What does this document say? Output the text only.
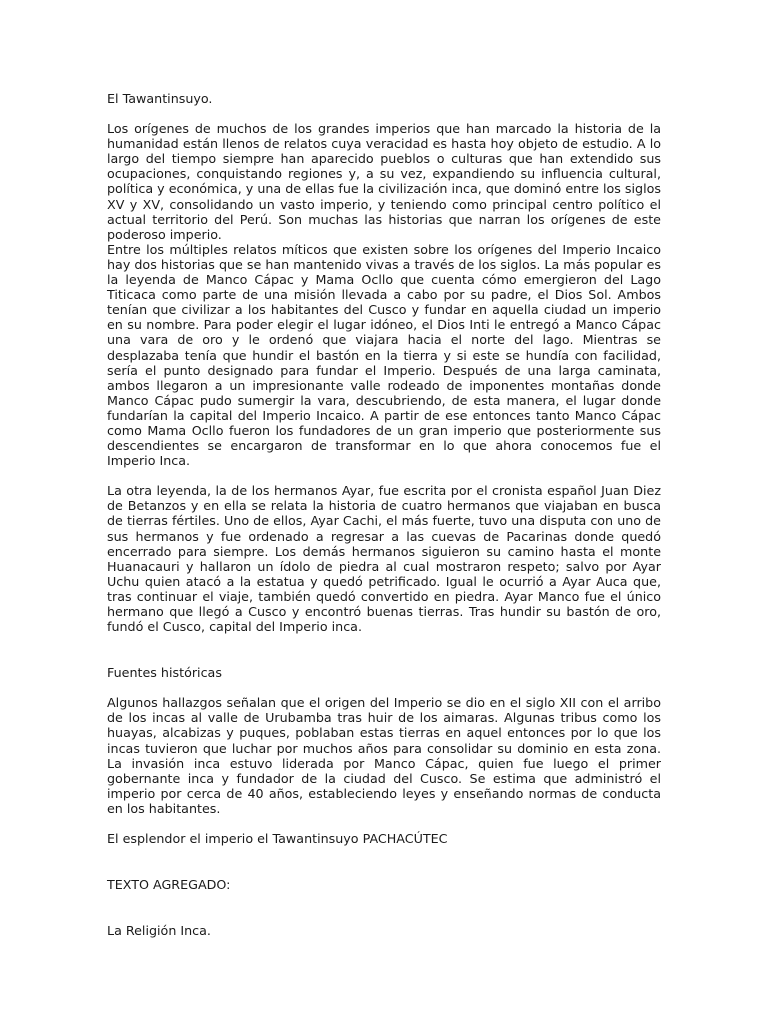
El Tawantinsuyo.

Los orígenes de muchos de los grandes imperios que han marcado la historia de la humanidad están llenos de relatos cuya veracidad es hasta hoy objeto de estudio. A lo largo del tiempo siempre han aparecido pueblos o culturas que han extendido sus ocupaciones, conquistando regiones y, a su vez, expandiendo su influencia cultural, política y económica, y una de ellas fue la civilización inca, que dominó entre los siglos XV y XV, consolidando un vasto imperio, y teniendo como principal centro político el actual territorio del Perú. Son muchas las historias que narran los orígenes de este poderoso imperio.

Entre los múltiples relatos míticos que existen sobre los orígenes del Imperio Incaico hay dos historias que se han mantenido vivas a través de los siglos. La más popular es la leyenda de Manco Cápac y Mama Ocllo que cuenta cómo emergieron del Lago Titicaca como parte de una misión llevada a cabo por su padre, el Dios Sol. Ambos tenían que civilizar a los habitantes del Cusco y fundar en aquella ciudad un imperio en su nombre. Para poder elegir el lugar idóneo, el Dios Inti le entregó a Manco Cápac una vara de oro y le ordenó que viajara hacia el norte del lago. Mientras se desplazaba tenía que hundir el bastón en la tierra y si este se hundía con facilidad, sería el punto designado para fundar el Imperio. Después de una larga caminata, ambos llegaron a un impresionante valle rodeado de imponentes montañas donde Manco Cápac pudo sumergir la vara, descubriendo, de esta manera, el lugar donde fundarían la capital del Imperio Incaico. A partir de ese entonces tanto Manco Cápac como Mama Ocllo fueron los fundadores de un gran imperio que posteriormente sus descendientes se encargaron de transformar en lo que ahora conocemos fue el Imperio Inca.

La otra leyenda, la de los hermanos Ayar, fue escrita por el cronista español Juan Diez de Betanzos y en ella se relata la historia de cuatro hermanos que viajaban en busca de tierras fértiles. Uno de ellos, Ayar Cachi, el más fuerte, tuvo una disputa con uno de sus hermanos y fue ordenado a regresar a las cuevas de Pacarinas donde quedó encerrado para siempre. Los demás hermanos siguieron su camino hasta el monte Huanacauri y hallaron un ídolo de piedra al cual mostraron respeto; salvo por Ayar Uchu quien atacó a la estatua y quedó petrificado. Igual le ocurrió a Ayar Auca que, tras continuar el viaje, también quedó convertido en piedra. Ayar Manco fue el único hermano que llegó a Cusco y encontró buenas tierras. Tras hundir su bastón de oro, fundó el Cusco, capital del Imperio inca.

Fuentes históricas

Algunos hallazgos señalan que el origen del Imperio se dio en el siglo XII con el arribo de los incas al valle de Urubamba tras huir de los aimaras. Algunas tribus como los huayas, alcabizas y puques, poblaban estas tierras en aquel entonces por lo que los incas tuvieron que luchar por muchos años para consolidar su dominio en esta zona. La invasión inca estuvo liderada por Manco Cápac, quien fue luego el primer gobernante inca y fundador de la ciudad del Cusco. Se estima que administró el imperio por cerca de 40 años, estableciendo leyes y enseñando normas de conducta en los habitantes.

El esplendor el imperio el Tawantinsuyo PACHACÚTEC

TEXTO AGREGADO:

La Religión Inca.
